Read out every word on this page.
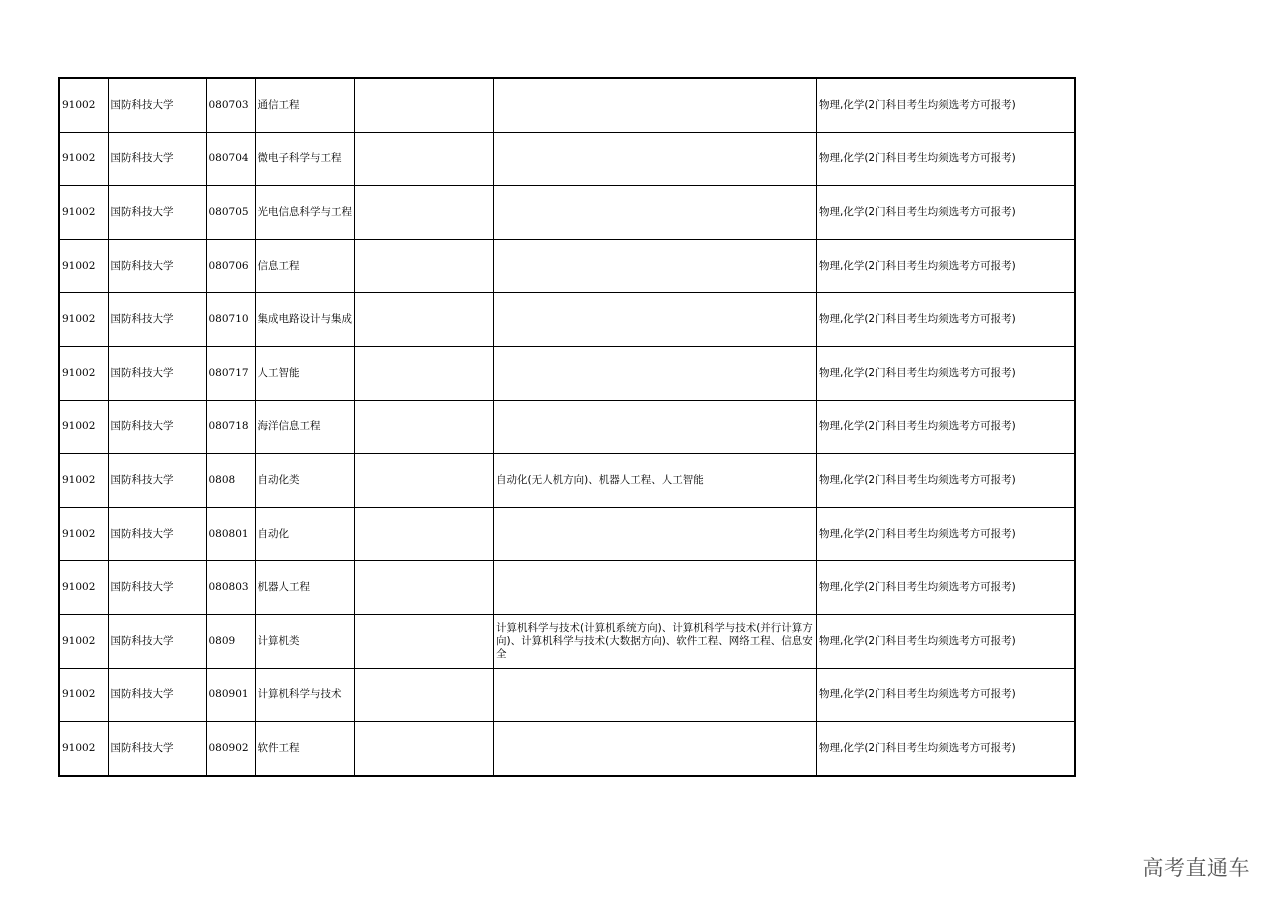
91002	国防科技大学	080703	通信工程			物理,化学(2门科目考生均须选考方可报考)
91002	国防科技大学	080704	微电子科学与工程			物理,化学(2门科目考生均须选考方可报考)
91002	国防科技大学	080705	光电信息科学与工程			物理,化学(2门科目考生均须选考方可报考)
91002	国防科技大学	080706	信息工程			物理,化学(2门科目考生均须选考方可报考)
91002	国防科技大学	080710	集成电路设计与集成			物理,化学(2门科目考生均须选考方可报考)
91002	国防科技大学	080717	人工智能			物理,化学(2门科目考生均须选考方可报考)
91002	国防科技大学	080718	海洋信息工程			物理,化学(2门科目考生均须选考方可报考)
91002	国防科技大学	0808	自动化类		自动化(无人机方向)、机器人工程、人工智能	物理,化学(2门科目考生均须选考方可报考)
91002	国防科技大学	080801	自动化			物理,化学(2门科目考生均须选考方可报考)
91002	国防科技大学	080803	机器人工程			物理,化学(2门科目考生均须选考方可报考)
91002	国防科技大学	0809	计算机类		计算机科学与技术(计算机系统方向)、计算机科学与技术(并行计算方向)、计算机科学与技术(大数据方向)、软件工程、网络工程、信息安全	物理,化学(2门科目考生均须选考方可报考)
91002	国防科技大学	080901	计算机科学与技术			物理,化学(2门科目考生均须选考方可报考)
91002	国防科技大学	080902	软件工程			物理,化学(2门科目考生均须选考方可报考)
高考直通车
